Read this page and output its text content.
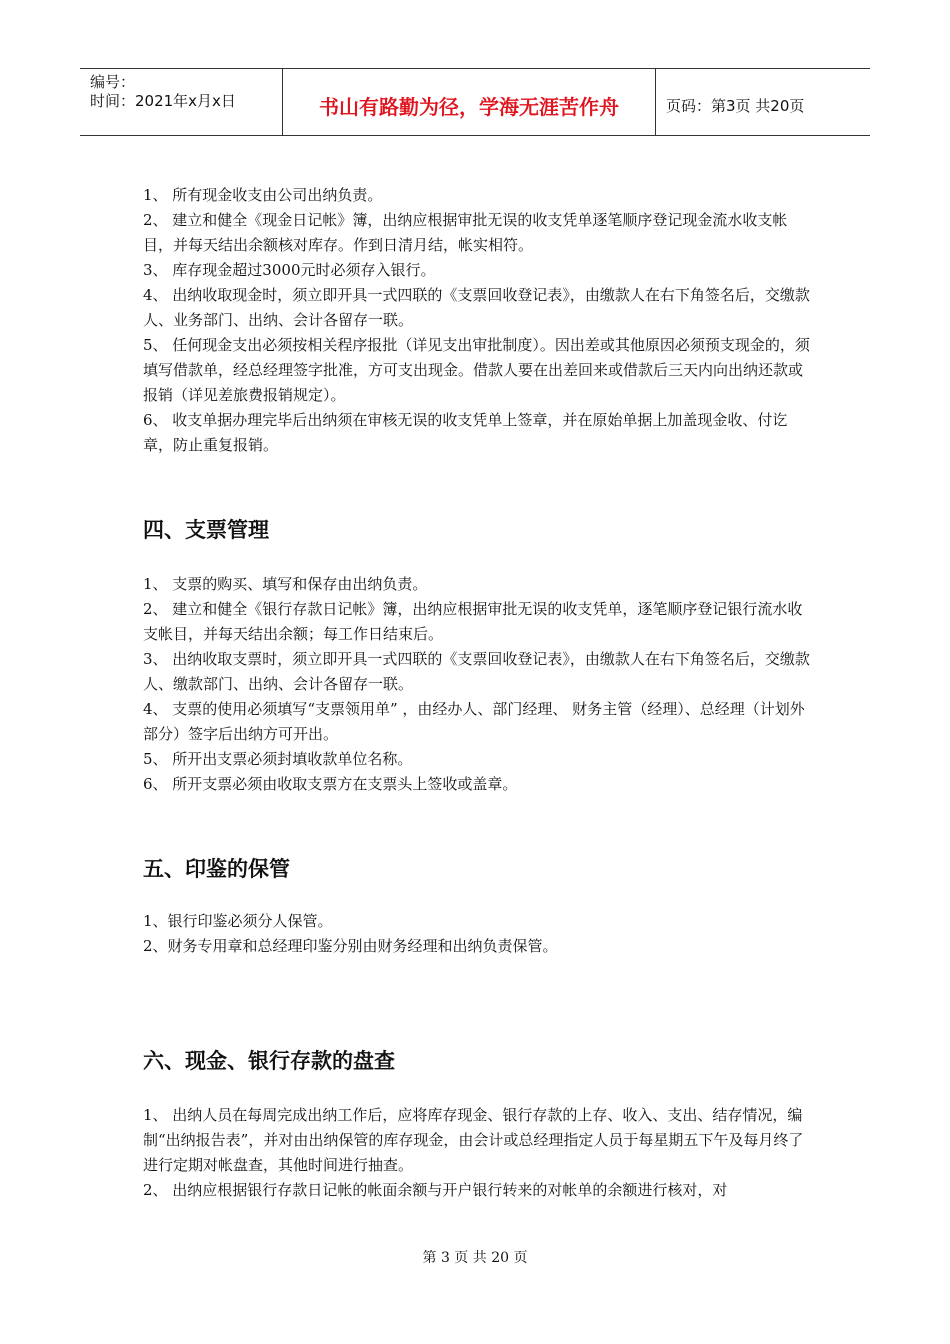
编号：
时间：2021年x月x日	书山有路勤为径，学海无涯苦作舟	页码：第3页 共20页

1、 所有现金收支由公司出纳负责。

2、 建立和健全《现金日记帐》簿，出纳应根据审批无误的收支凭单逐笔顺序登记现金流水收支帐目，并每天结出余额核对库存。作到日清月结，帐实相符。

3、 库存现金超过3000元时必须存入银行。

4、 出纳收取现金时，须立即开具一式四联的《支票回收登记表》，由缴款人在右下角签名后，交缴款人、业务部门、出纳、会计各留存一联。

5、 任何现金支出必须按相关程序报批（详见支出审批制度）。因出差或其他原因必须预支现金的，须填写借款单，经总经理签字批准，方可支出现金。借款人要在出差回来或借款后三天内向出纳还款或报销（详见差旅费报销规定）。

6、 收支单据办理完毕后出纳须在审核无误的收支凭单上签章，并在原始单据上加盖现金收、付讫章，防止重复报销。

四、支票管理

1、 支票的购买、填写和保存由出纳负责。

2、 建立和健全《银行存款日记帐》簿，出纳应根据审批无误的收支凭单，逐笔顺序登记银行流水收支帐目，并每天结出余额；每工作日结束后。

3、 出纳收取支票时，须立即开具一式四联的《支票回收登记表》，由缴款人在右下角签名后，交缴款人、缴款部门、出纳、会计各留存一联。

4、 支票的使用必须填写“支票领用单” ，由经办人、部门经理、 财务主管（经理）、总经理（计划外部分）签字后出纳方可开出。

5、 所开出支票必须封填收款单位名称。

6、 所开支票必须由收取支票方在支票头上签收或盖章。

五、印鉴的保管

1、银行印鉴必须分人保管。

2、财务专用章和总经理印鉴分别由财务经理和出纳负责保管。

六、现金、银行存款的盘查

1、 出纳人员在每周完成出纳工作后，应将库存现金、银行存款的上存、收入、支出、结存情况，编制“出纳报告表”，并对由出纳保管的库存现金，由会计或总经理指定人员于每星期五下午及每月终了进行定期对帐盘查，其他时间进行抽查。

2、 出纳应根据银行存款日记帐的帐面余额与开户银行转来的对帐单的余额进行核对，对

第 3 页 共 20 页
